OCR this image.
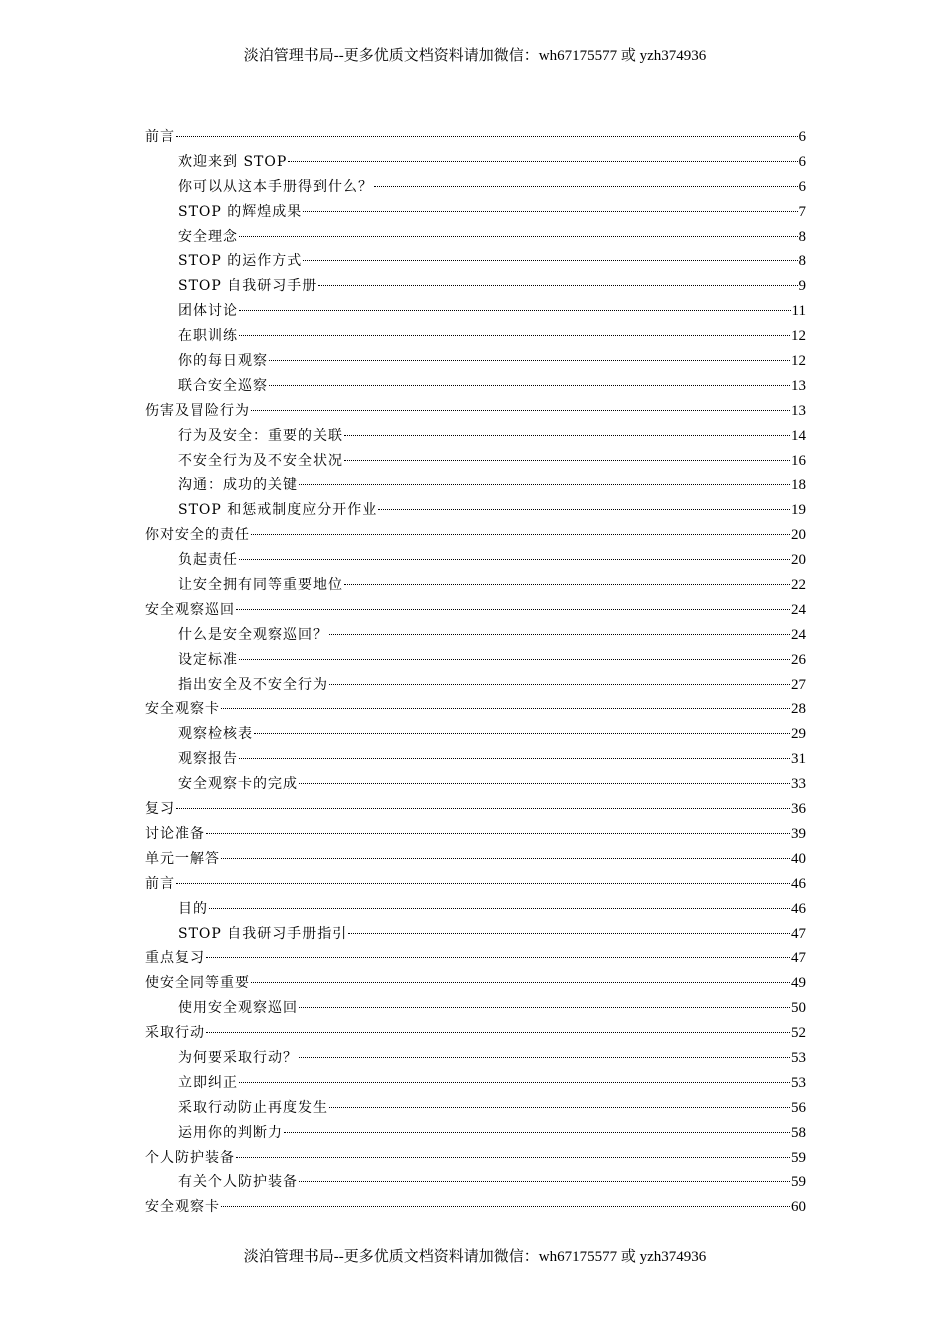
淡泊管理书局--更多优质文档资料请加微信：wh67175577 或 yzh374936
前言	6
欢迎来到 STOP	6
你可以从这本手册得到什么？	6
STOP 的辉煌成果	7
安全理念	8
STOP 的运作方式	8
STOP 自我研习手册	9
团体讨论	11
在职训练	12
你的每日观察	12
联合安全巡察	13
伤害及冒险行为	13
行为及安全：重要的关联	14
不安全行为及不安全状况	16
沟通：成功的关键	18
STOP 和惩戒制度应分开作业	19
你对安全的责任	20
负起责任	20
让安全拥有同等重要地位	22
安全观察巡回	24
什么是安全观察巡回？	24
设定标准	26
指出安全及不安全行为	27
安全观察卡	28
观察检核表	29
观察报告	31
安全观察卡的完成	33
复习	36
讨论准备	39
单元一解答	40
前言	46
目的	46
STOP 自我研习手册指引	47
重点复习	47
使安全同等重要	49
使用安全观察巡回	50
采取行动	52
为何要采取行动？	53
立即纠正	53
采取行动防止再度发生	56
运用你的判断力	58
个人防护装备	59
有关个人防护装备	59
安全观察卡	60
淡泊管理书局--更多优质文档资料请加微信：wh67175577 或 yzh374936
